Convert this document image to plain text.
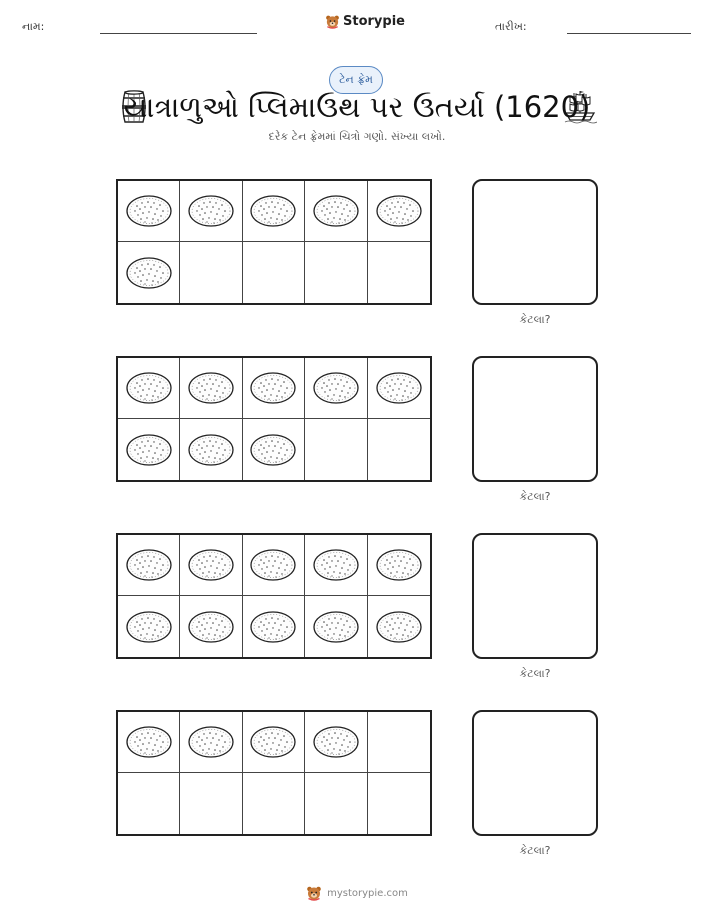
નામ:	Storypie	તારીખ:
ટેન ફ્રેમ
યાત્રાળુઓ પ્લિમાઉથ પર ઉતર્યા (1620)
દરેક ટેન ફ્રેમમાં ચિત્રો ગણો. સંખ્યા લખો.
કેટલા?
કેટલા?
કેટલા?
કેટલા?
mystorypie.com
